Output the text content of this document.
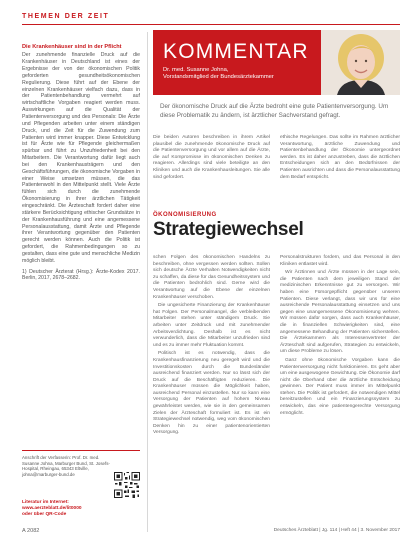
THEMEN DER ZEIT
Die Krankenhäuser sind in der Pflicht

Der zunehmende finanzielle Druck auf die Krankenhäuser in Deutschland ist eines der Ergebnisse der von der ökonomischen Politik geforderten gesundheitsökonomischen Regulierung. Diese führt auf der Ebene der einzelnen Krankenhäuser vielfach dazu, dass in der Patientenbehandlung vermehrt auf wirtschaftliche Vorgaben reagiert werden muss. Auswirkungen auf die Qualität der Patientenversorgung und des Personals: Die Ärzte und Pflegenden arbeiten unter einem ständigen Druck, und die Zeit für die Zuwendung zum Patienten wird immer knapper. Diese Entwicklung ist für Ärzte wie für Pflegende gleichermaßen spürbar und führt zu Unzufriedenheit bei den Mitarbeitern. Die Verantwortung dafür liegt auch bei den Krankenhausträgern und den Geschäftsführungen, die ökonomische Vorgaben in einer Weise umsetzen müssen, die das Patientenwohl in den Mittelpunkt stellt. Viele Ärzte fühlen sich durch die zunehmende Ökonomisierung in ihrer ärztlichen Tätigkeit eingeschränkt. Die Ärzteschaft fordert daher eine stärkere Berücksichtigung ethischer Grundsätze in der Krankenhausführung und eine angemessene Personalausstattung, damit Ärzte und Pflegende ihrer Verantwortung gegenüber den Patienten gerecht werden können. Auch die Politik ist gefordert, die Rahmenbedingungen so zu gestalten, dass eine gute und menschliche Medizin möglich bleibt.

1) Deutscher Ärzterat (Hrsg.): Ärzte-Kodex 2017. Berlin, 2017, 2678–2682.
Anschrift der Verfasserin: Prof. Dr. med. Susanne Johna, Marburger Bund, St. Josefs-Hospital, Rheingau, 65343 Eltville, johna@marburger-bund.de
Literatur im Internet:
www.aerzteblatt.de/lit0000
oder über QR-Code
KOMMENTAR
Dr. med. Susanne Johna,
Vorstandsmitglied der Bundesärztekammer
Der ökonomische Druck auf die Ärzte bedroht eine gute Patientenversorgung. Um diese Problematik zu ändern, ist ärztlicher Sachverstand gefragt.

Die beiden Autoren beschreiben in ihrem Artikel plausibel die zunehmende ökonomische Druck auf die Patientenversorgung und vor allem auf die Ärzte, die auf Kompromisse im ökonomischen Denken zu reagieren. Allerdings sind viele beteiligte an den Kliniken und auch die Krankenhausleitungen. Sie alle sind gefordert.

ethische Regelungen. Das sollte im Rahmen ärztlicher Verantwortung, ärztliche Zuwendung und Patientenbehandlung der Ökonomie untergeordnet werden. Es ist daher anzustreben, dass die ärztlichen Entscheidungen sich an den Bedürfnissen der Patienten ausrichten und dass die Personalausstattung dem Bedarf entspricht.

ÖKONOMISIERUNG
Strategiewechsel

schen Folgen des ökonomischen Handelns zu beschreiben, ohne vergessen werden sollten. Sollen sich deutsche Ärzte Verhalten Notwendigkeiten nicht zu schaffen, da diese für das Gesundheitssystem und die Patienten bedrohlich sind. Gerne wird die Verantwortung auf die Ebene der einzelnen Krankenhäuser verschoben.

Die ungesicherte Finanzierung der Krankenhäuser hat Folgen. Der Personalmangel, die verbleibenden Mitarbeiter stehen unter ständigem Druck. Sie arbeiten unter Zeitdruck und mit zunehmender Arbeitsverdichtung. Deshalb ist es nicht verwunderlich, dass die Mitarbeiter unzufrieden sind und es zu immer mehr Fluktuation kommt.

Politisch ist es notwendig, dass die Krankenhausfinanzierung neu geregelt wird und die Investitionskosten durch die Bundesländer ausreichend finanziert werden. Nur so lässt sich der Druck auf die Beschäftigten reduzieren. Die Krankenhäuser müssen die Möglichkeit haben, ausreichend Personal einzustellen. Nur so kann eine Versorgung der Patienten auf hohem Niveau gewährleistet werden, wie sie in den gemeinsamen Zielen der Ärzteschaft formuliert ist. Es ist ein Strategiewechsel notwendig, weg vom ökonomischen Denken hin zu einer patientenorientierten Versorgung.

Personalstrukturen fordern, und das Personal in den Kliniken entlastet wird.

Wir Ärztinnen und Ärzte müssen in der Lage sein, die Patienten nach dem jeweiligen Stand der medizinischen Erkenntnisse gut zu versorgen. Wir haben eine Fürsorgepflicht gegenüber unseren Patienten. Diese verlangt, dass wir uns für eine ausreichende Personalausstattung einsetzen und uns gegen eine unangemessene Ökonomisierung wehren. Wir müssen dafür sorgen, dass auch Krankenhäuser, die in finanziellen Schwierigkeiten sind, eine angemessene Behandlung der Patienten sicherstellen. Die Ärztekammern als Interessenvertreter der Ärzteschaft sind aufgerufen, Strategien zu entwickeln, um diese Probleme zu lösen.

Ganz ohne ökonomische Vorgaben kann die Patientenversorgung nicht funktionieren. Es geht aber um eine ausgewogene Gewichtung. Die Ökonomie darf nicht die Oberhand über die ärztliche Entscheidung gewinnen. Der Patient muss immer im Mittelpunkt stehen. Die Politik ist gefordert, die notwendigen Mittel bereitzustellen und ein Finanzierungssystem zu entwickeln, das eine patientengerechte Versorgung ermöglicht.

A 2082	Deutsches Ärzteblatt | Jg. 114 | Heft 44 | 3. November 2017
